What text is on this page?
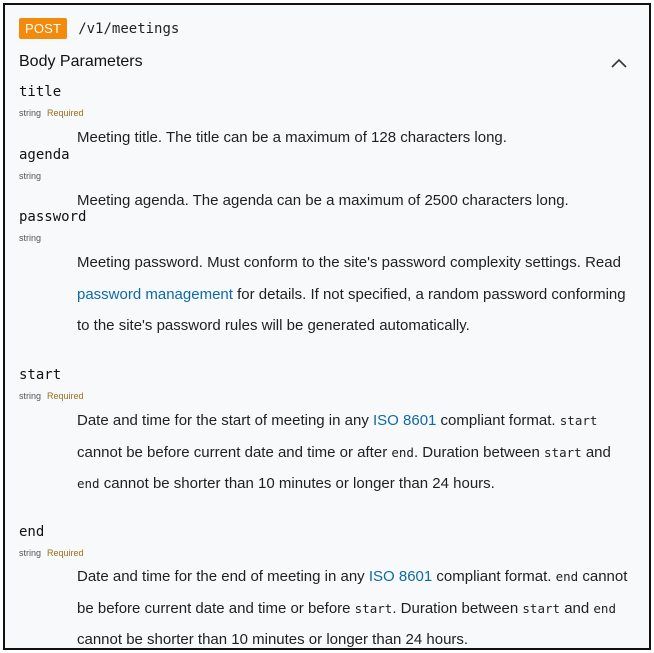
POST	/v1/meetings
Body Parameters
title
string Required
Meeting title. The title can be a maximum of 128 characters long.
agenda
string
Meeting agenda. The agenda can be a maximum of 2500 characters long.
password
string
Meeting password. Must conform to the site's password complexity settings. Read password management for details. If not specified, a random password conforming to the site's password rules will be generated automatically.
start
string Required
Date and time for the start of meeting in any ISO 8601 compliant format. start cannot be before current date and time or after end. Duration between start and end cannot be shorter than 10 minutes or longer than 24 hours.
end
string Required
Date and time for the end of meeting in any ISO 8601 compliant format. end cannot be before current date and time or before start. Duration between start and end cannot be shorter than 10 minutes or longer than 24 hours.
